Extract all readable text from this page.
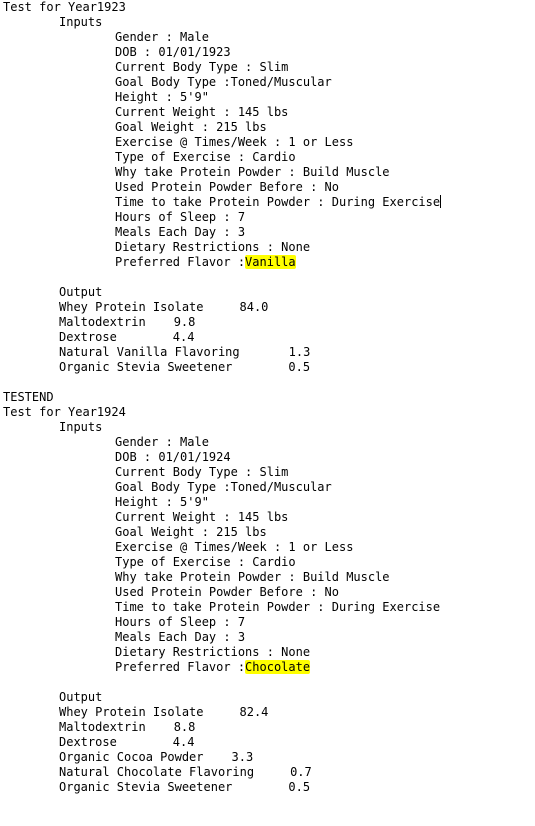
Test for Year1923
Inputs
Gender : Male
DOB : 01/01/1923
Current Body Type : Slim
Goal Body Type :Toned/Muscular
Height : 5'9"
Current Weight : 145 lbs
Goal Weight : 215 lbs
Exercise @ Times/Week : 1 or Less
Type of Exercise : Cardio
Why take Protein Powder : Build Muscle
Used Protein Powder Before : No
Time to take Protein Powder : During Exercise
Hours of Sleep : 7
Meals Each Day : 3
Dietary Restrictions : None
Preferred Flavor :Vanilla
Output
Whey Protein Isolate	84.0
Maltodextrin 9.8
Dextrose	4.4
Natural Vanilla Flavoring	1.3
Organic Stevia Sweetener	0.5
TESTEND
Test for Year1924
Inputs
Gender : Male
DOB : 01/01/1924
Current Body Type : Slim
Goal Body Type :Toned/Muscular
Height : 5'9"
Current Weight : 145 lbs
Goal Weight : 215 lbs
Exercise @ Times/Week : 1 or Less
Type of Exercise : Cardio
Why take Protein Powder : Build Muscle
Used Protein Powder Before : No
Time to take Protein Powder : During Exercise
Hours of Sleep : 7
Meals Each Day : 3
Dietary Restrictions : None
Preferred Flavor :Chocolate
Output
Whey Protein Isolate	82.4
Maltodextrin 8.8
Dextrose	4.4
Organic Cocoa Powder 3.3
Natural Chocolate Flavoring	0.7
Organic Stevia Sweetener	0.5
